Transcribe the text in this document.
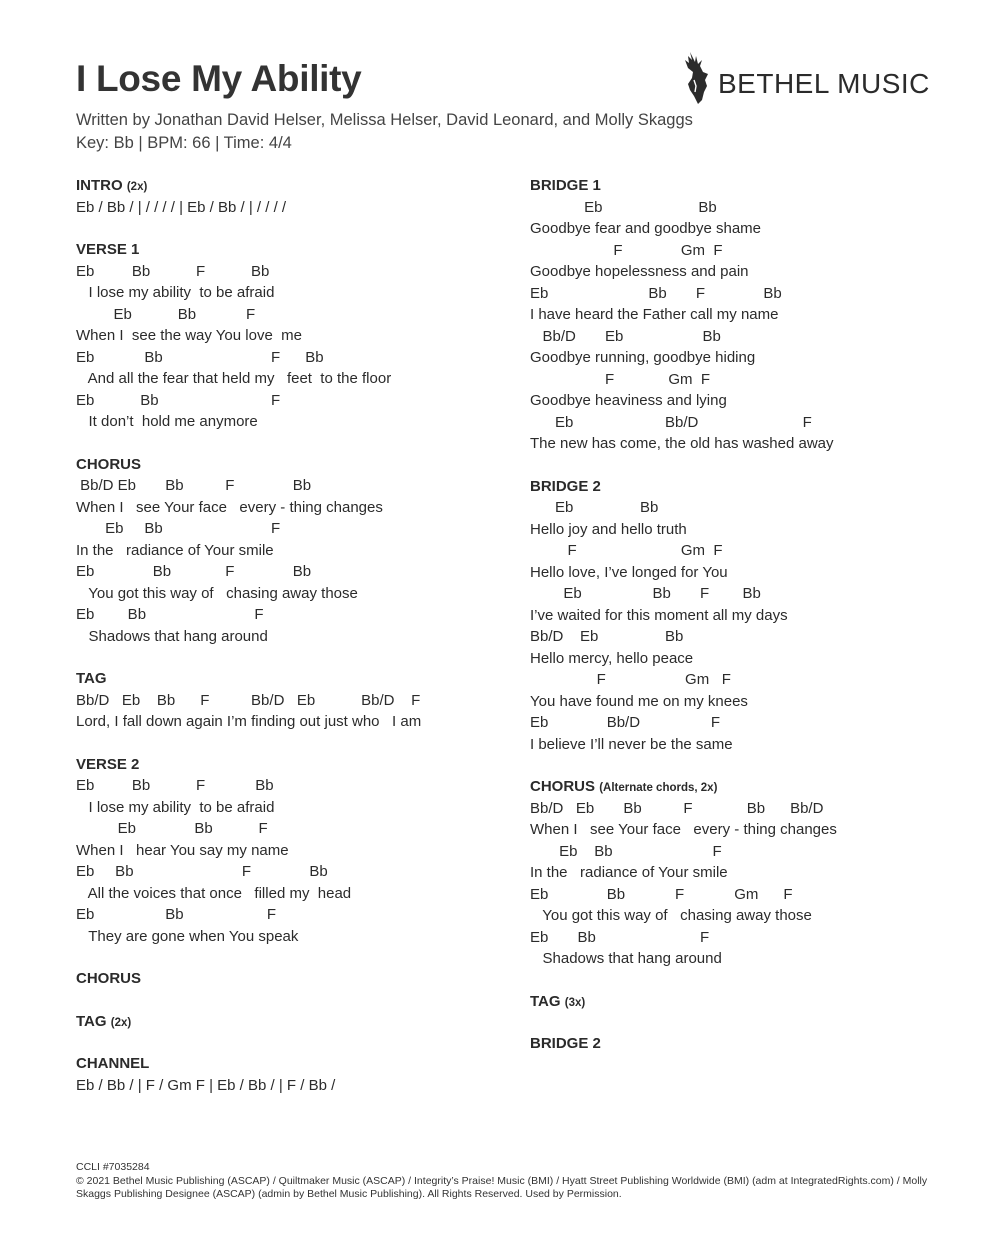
I Lose My Ability	BETHEL MUSIC
Written by Jonathan David Helser, Melissa Helser, David Leonard, and Molly Skaggs
Key: Bb | BPM: 66 | Time: 4/4
INTRO (2x)
Eb / Bb / | / / / / | Eb / Bb / | / / / /
VERSE 1
Eb         Bb           F           Bb
I lose my ability  to be afraid
Eb           Bb            F
When I  see the way You love  me
Eb            Bb                          F      Bb
And all the fear that held my   feet  to the floor
Eb           Bb                           F
It don’t  hold me anymore
CHORUS
Bb/D Eb       Bb          F              Bb
When I   see Your face   every - thing changes
Eb     Bb                          F
In the   radiance of Your smile
Eb              Bb             F              Bb
You got this way of   chasing away those
Eb        Bb                          F
Shadows that hang around
TAG
Bb/D   Eb    Bb      F          Bb/D   Eb           Bb/D    F
Lord, I fall down again I’m finding out just who   I am
VERSE 2
Eb         Bb           F            Bb
I lose my ability  to be afraid
Eb              Bb           F
When I   hear You say my name
Eb     Bb                          F              Bb
All the voices that once   filled my  head
Eb                 Bb                    F
They are gone when You speak
CHORUS
TAG (2x)
CHANNEL
Eb / Bb / | F / Gm F | Eb / Bb / | F / Bb /
BRIDGE 1
Eb                       Bb
Goodbye fear and goodbye shame
F              Gm  F
Goodbye hopelessness and pain
Eb                        Bb       F              Bb
I have heard the Father call my name
Bb/D       Eb                   Bb
Goodbye running, goodbye hiding
F             Gm  F
Goodbye heaviness and lying
Eb                      Bb/D                         F
The new has come, the old has washed away
BRIDGE 2
Eb                Bb
Hello joy and hello truth
F                         Gm  F
Hello love, I’ve longed for You
Eb                 Bb       F        Bb
I’ve waited for this moment all my days
Bb/D    Eb                Bb
Hello mercy, hello peace
F                   Gm   F
You have found me on my knees
Eb              Bb/D                 F
I believe I’ll never be the same
CHORUS (Alternate chords, 2x)
Bb/D   Eb       Bb          F             Bb      Bb/D
When I   see Your face   every - thing changes
Eb    Bb                        F
In the   radiance of Your smile
Eb              Bb            F            Gm      F
You got this way of   chasing away those
Eb       Bb                         F
Shadows that hang around
TAG (3x)
BRIDGE 2
CCLI #7035284
© 2021 Bethel Music Publishing (ASCAP) / Quiltmaker Music (ASCAP) / Integrity’s Praise! Music (BMI) / Hyatt Street Publishing Worldwide (BMI) (adm at IntegratedRights.com) / Molly Skaggs Publishing Designee (ASCAP) (admin by Bethel Music Publishing). All Rights Reserved. Used by Permission.
